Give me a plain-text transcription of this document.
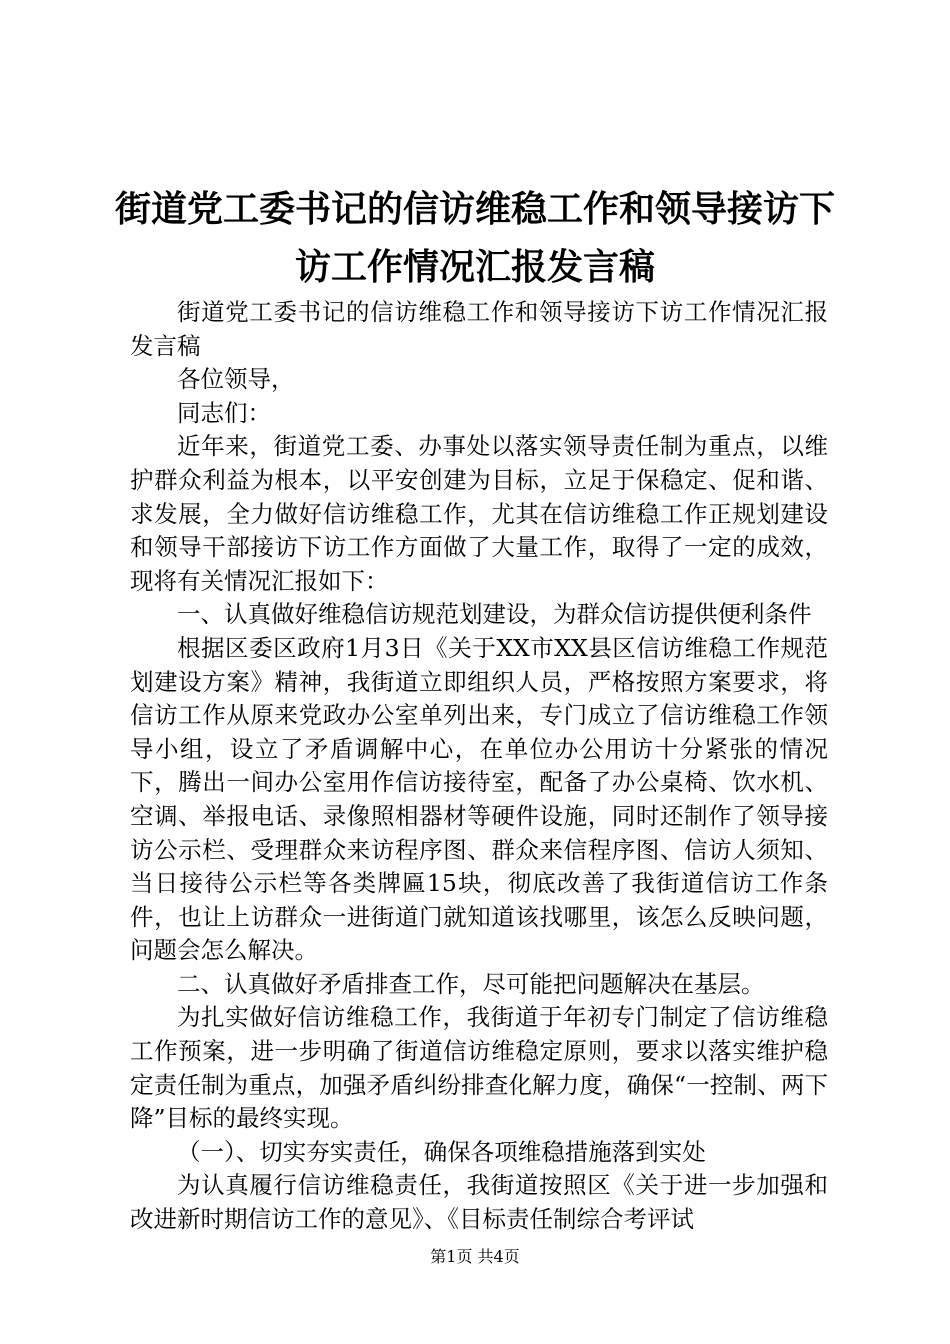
街道党工委书记的信访维稳工作和领导接访下访工作情况汇报发言稿

街道党工委书记的信访维稳工作和领导接访下访工作情况汇报发言稿

各位领导，

同志们：

近年来，街道党工委、办事处以落实领导责任制为重点，以维护群众利益为根本，以平安创建为目标，立足于保稳定、促和谐、求发展，全力做好信访维稳工作，尤其在信访维稳工作正规划建设和领导干部接访下访工作方面做了大量工作，取得了一定的成效，现将有关情况汇报如下：

一、认真做好维稳信访规范划建设，为群众信访提供便利条件

根据区委区政府1月3日《关于XX市XX县区信访维稳工作规范划建设方案》精神，我街道立即组织人员，严格按照方案要求，将信访工作从原来党政办公室单列出来，专门成立了信访维稳工作领导小组，设立了矛盾调解中心，在单位办公用访十分紧张的情况下，腾出一间办公室用作信访接待室，配备了办公桌椅、饮水机、空调、举报电话、录像照相器材等硬件设施，同时还制作了领导接访公示栏、受理群众来访程序图、群众来信程序图、信访人须知、当日接待公示栏等各类牌匾15块，彻底改善了我街道信访工作条件，也让上访群众一进街道门就知道该找哪里，该怎么反映问题，问题会怎么解决。

二、认真做好矛盾排查工作，尽可能把问题解决在基层。

为扎实做好信访维稳工作，我街道于年初专门制定了信访维稳工作预案，进一步明确了街道信访维稳定原则，要求以落实维护稳定责任制为重点，加强矛盾纠纷排查化解力度，确保“一控制、两下降”目标的最终实现。

（一）、切实夯实责任，确保各项维稳措施落到实处

为认真履行信访维稳责任，我街道按照区《关于进一步加强和改进新时期信访工作的意见》、《目标责任制综合考评试

第1页 共4页
